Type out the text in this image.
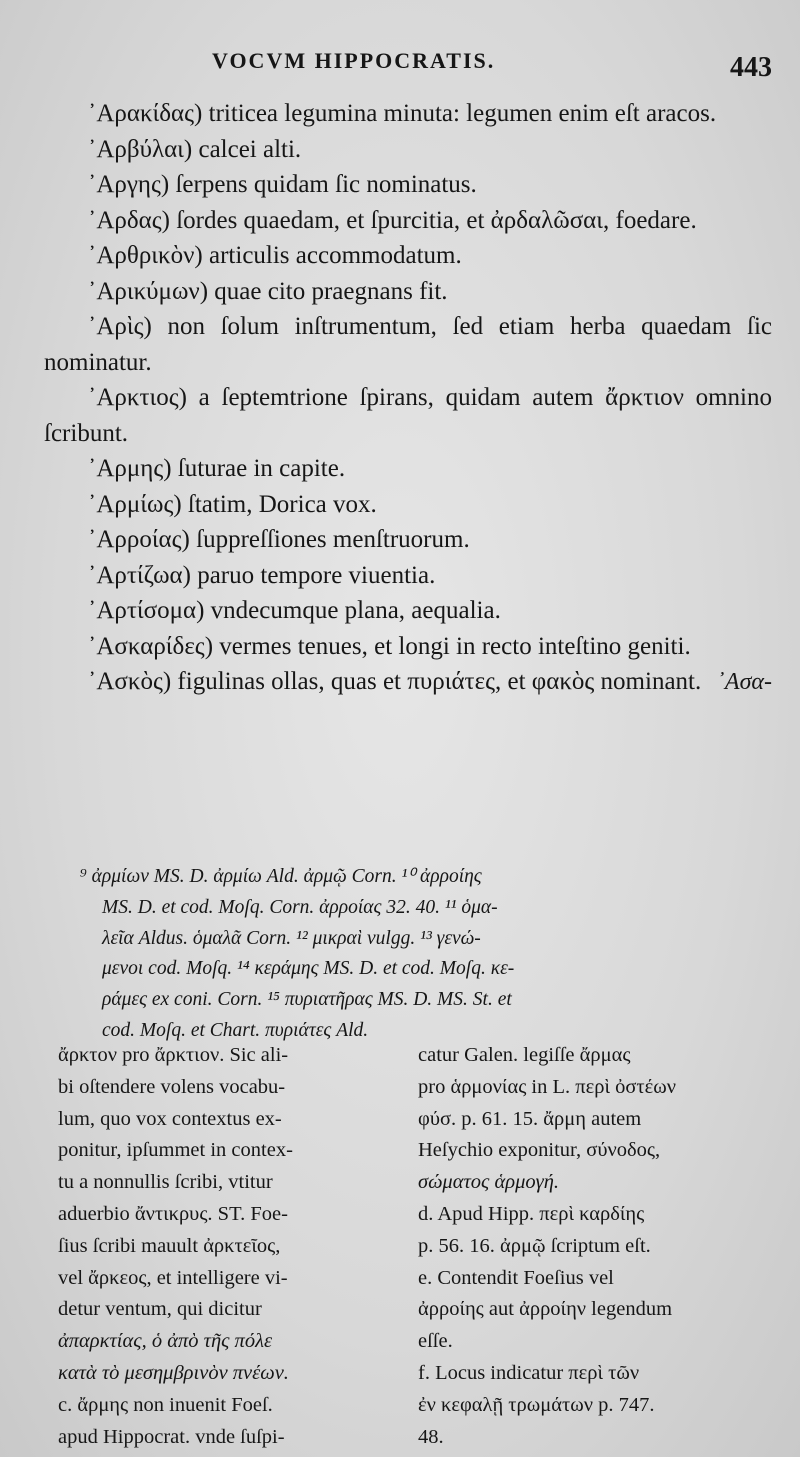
VOCVM HIPPOCRATIS.	443

᾿Αρακίδας) triticea legumina minuta: legumen enim eſt aracos.

᾿Αρβύλαι) calcei alti.

᾿Αργης) ſerpens quidam ſic nominatus.

᾿Αρδας) ſordes quaedam, et ſpurcitia, et ἀρδαλῶσαι, foedare.

᾿Αρθρικὸν) articulis accommodatum.

᾿Αρικύμων) quae cito praegnans fit.

᾿Αρὶς) non ſolum inſtrumentum, ſed etiam herba quaedam ſic nominatur.

᾿Αρκτιος) a ſeptemtrione ſpirans, quidam autem ἄρκτιον omnino ſcribunt.

᾿Αρμης) ſuturae in capite.

᾿Αρμίως) ſtatim, Dorica vox.

᾿Αρροίας) ſuppreſſiones menſtruorum.

᾿Αρτίζωα) paruo tempore viuentia.

᾿Αρτίσομα) vndecumque plana, aequalia.

᾿Ασκαρίδες) vermes tenues, et longi in recto inteſtino geniti.

᾿Ασκὸς) figulinas ollas, quas et πυριάτες, et φακὸς nominant. ᾿Ασα-

⁹ ἀρμίων MS. D. ἀρμίω Ald. ἀρμῷ Corn. ¹⁰ ἀρροίης

MS. D. et cod. Moſq. Corn. ἀρροίας 32. 40. ¹¹ ὁμα-

λεῖα Aldus. ὁμαλᾶ Corn. ¹² μικραὶ vulgg. ¹³ γενώ-

μενοι cod. Moſq. ¹⁴ κεράμης MS. D. et cod. Moſq. κε-

ράμες ex coni. Corn. ¹⁵ πυριατῆρας MS. D. MS. St. et

cod. Moſq. et Chart. πυριάτες Ald.

ἄρκτον pro ἄρκτιον. Sic ali-

bi oſtendere volens vocabu-

lum, quo vox contextus ex-

ponitur, ipſummet in contex-

tu a nonnullis ſcribi, vtitur

aduerbio ἄντικρυς. ST. Foe-

ſius ſcribi mauult ἀρκτεῖος,

vel ἄρκεος, et intelligere vi-

detur ventum, qui dicitur

ἀπαρκτίας, ὁ ἀπὸ τῆς πόλε

κατὰ τὸ μεσημβρινὸν πνέων.

c. ἄρμης non inuenit Foeſ.

apud Hippocrat. vnde ſuſpi-

catur Galen. legiſſe ἄρμας

pro ἁρμονίας in L. περὶ ὀστέων

φύσ. p. 61. 15. ἄρμη autem

Heſychio exponitur, σύνοδος,

σώματος ἁρμογή.

d. Apud Hipp. περὶ καρδίης

p. 56. 16. ἀρμῷ ſcriptum eſt.

e. Contendit Foeſius vel

ἀρροίης aut ἀρροίην legendum

eſſe.

f. Locus indicatur περὶ τῶν

ἐν κεφαλῇ τρωμάτων p. 747.

48.
